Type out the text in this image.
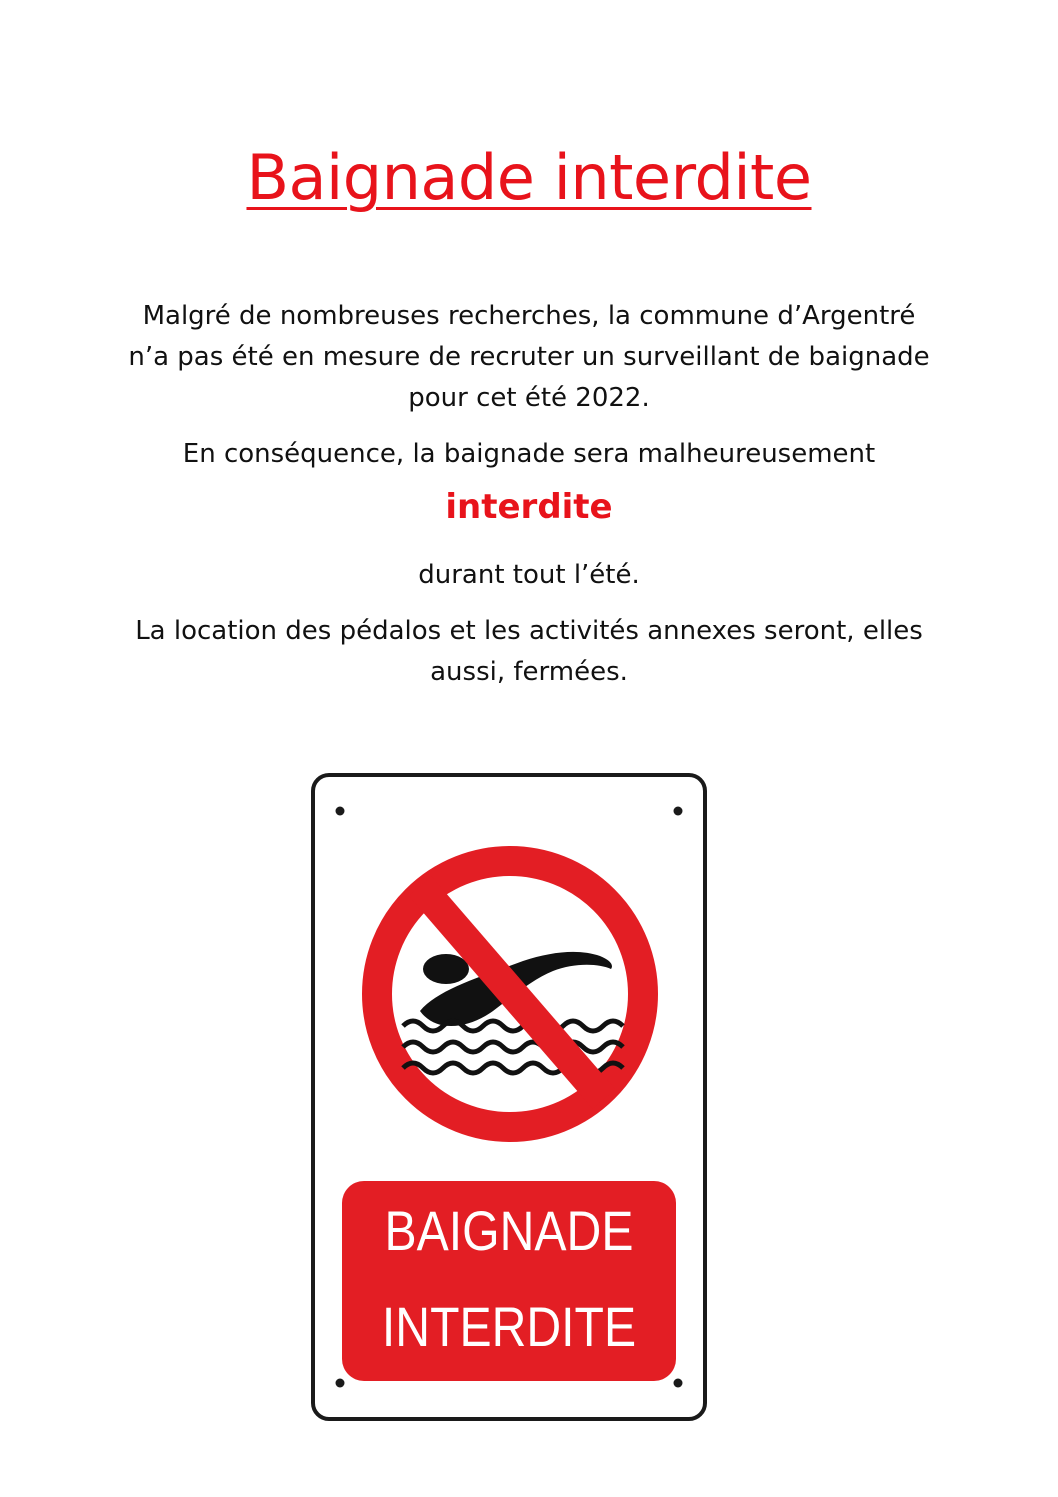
Baignade interdite
Malgré de nombreuses recherches, la commune d’Argentré
n’a pas été en mesure de recruter un surveillant de baignade
pour cet été 2022.
En conséquence, la baignade sera malheureusement
interdite
durant tout l’été.
La location des pédalos et les activités annexes seront, elles
aussi, fermées.
BAIGNADE
INTERDITE
